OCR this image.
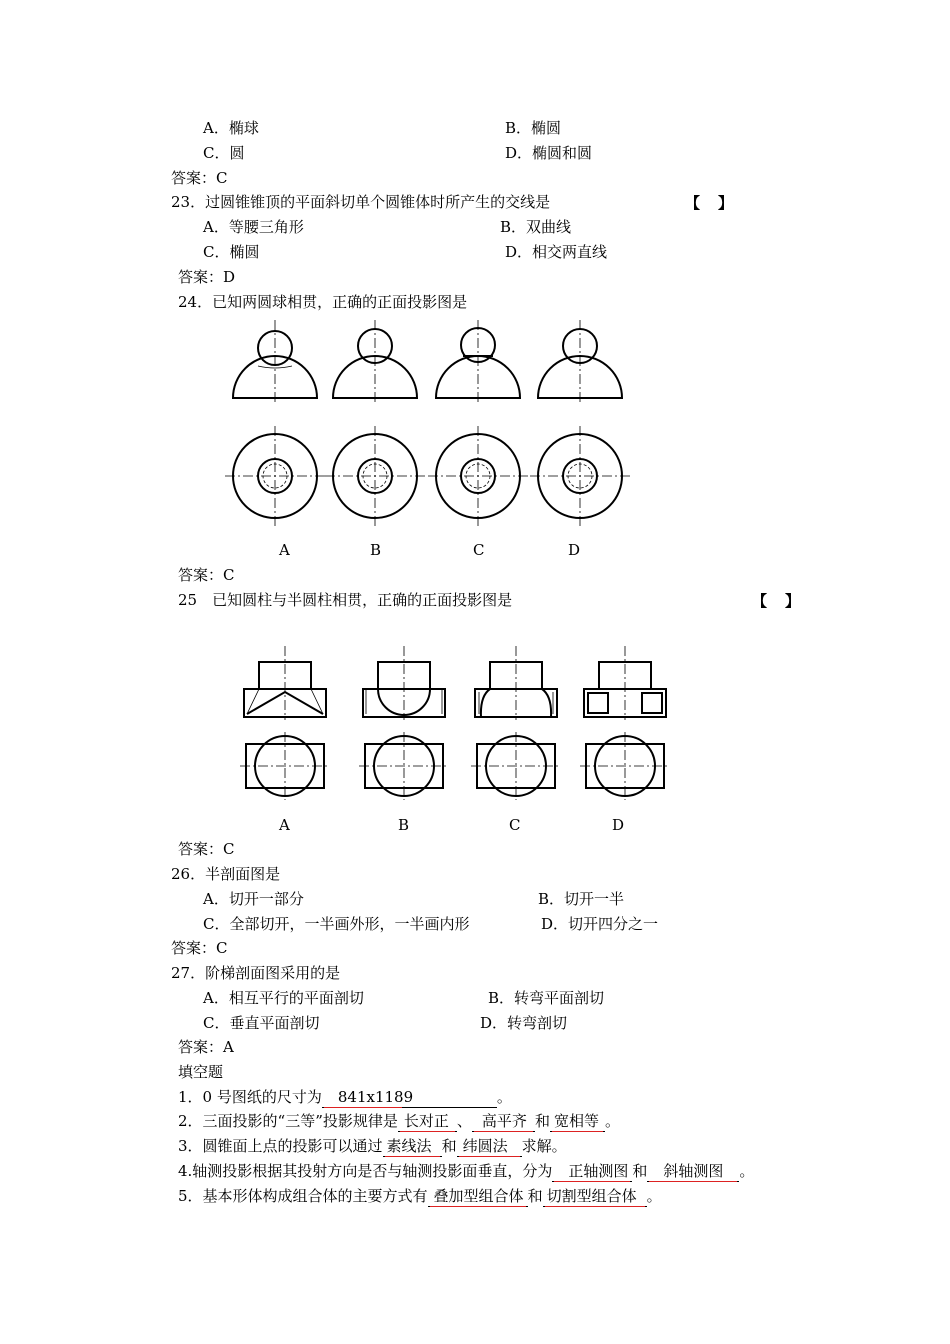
A．椭球	B．椭圆
C．圆	D．椭圆和圆
答案：C
23．过圆锥锥顶的平面斜切单个圆锥体时所产生的交线是	【】
A．等腰三角形	B．双曲线
C．椭圆	D．相交两直线
答案：D
24．已知两圆球相贯，正确的正面投影图是
A	B	C	D
答案：C
25　已知圆柱与半圆柱相贯，正确的正面投影图是	【】
A	B	C	D
答案：C
26．半剖面图是
A．切开一部分	B．切开一半
C．全部切开，一半画外形，一半画内形	D．切开四分之一
答案：C
27．阶梯剖面图采用的是
A．相互平行的平面剖切	B．转弯平面剖切
C．垂直平面剖切	D．转弯剖切
答案：A
填空题
1．0 号图纸的尺寸为 841x1189	。
2．三面投影的“三等”投影规律是 长对正 、 高平齐 和 宽相等 。
3．圆锥面上点的投影可以通过 素线法 和 纬圆法 求解。
4.轴测投影根据其投射方向是否与轴测投影面垂直，分为 正轴测图 和 斜轴测图 。
5．基本形体构成组合体的主要方式有 叠加型组合体 和 切割型组合体 。
